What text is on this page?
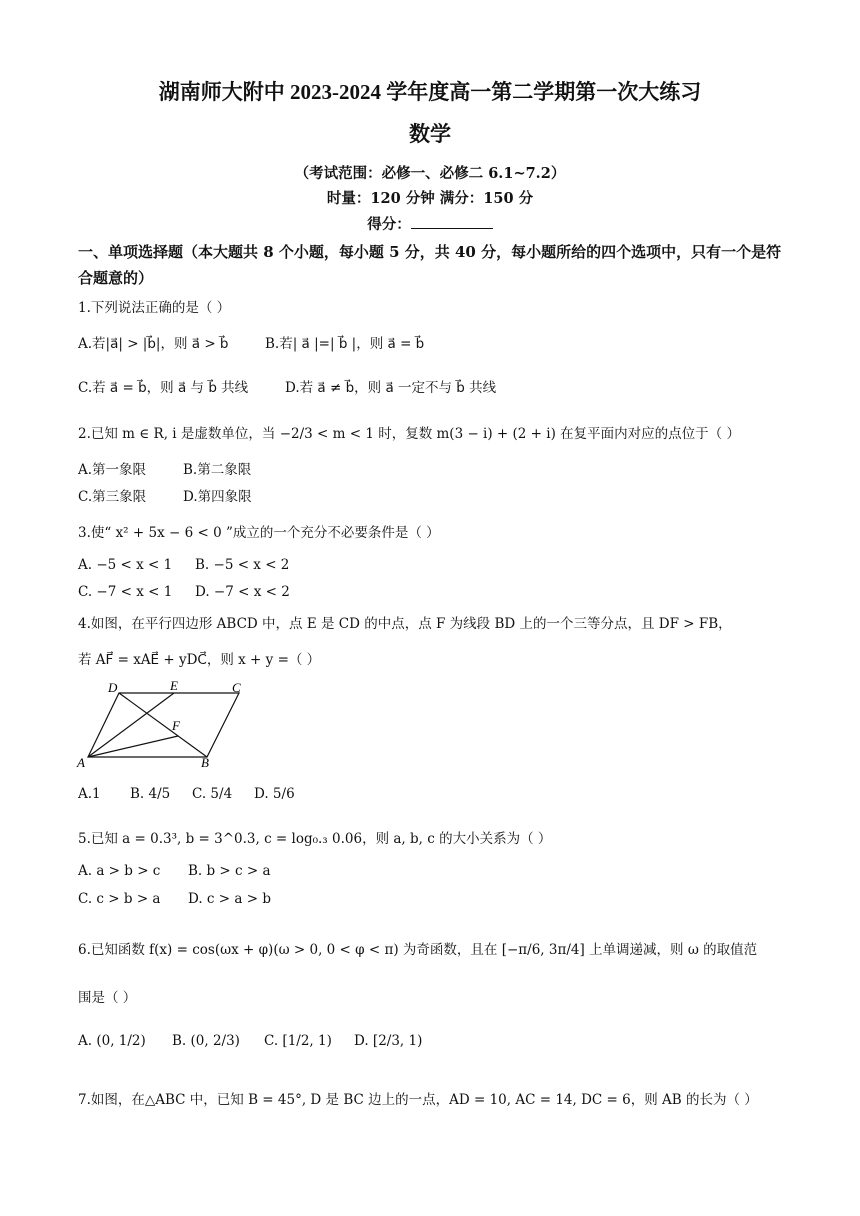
湖南师大附中 2023-2024 学年度高一第二学期第一次大练习
数学
（考试范围：必修一、必修二 6.1~7.2）
时量：120 分钟 满分：150 分
得分：
一、单项选择题（本大题共 8 个小题，每小题 5 分，共 40 分，每小题所给的四个选项中，只有一个是符合题意的）
1.下列说法正确的是（ ）
A.若|a⃗| > |b⃗|，则 a⃗ > b⃗	B.若| a⃗ |=| b⃗ |，则 a⃗ = b⃗
C.若 a⃗ = b⃗，则 a⃗ 与 b⃗ 共线	D.若 a⃗ ≠ b⃗，则 a⃗ 一定不与 b⃗ 共线
2.已知 m ∈ R, i 是虚数单位，当 −2/3 < m < 1 时，复数 m(3 − i) + (2 + i) 在复平面内对应的点位于（ ）
A.第一象限	B.第二象限
C.第三象限	D.第四象限
3.使“ x² + 5x − 6 < 0 ”成立的一个充分不必要条件是（ ）
A. −5 < x < 1 B. −5 < x < 2
C. −7 < x < 1 D. −7 < x < 2
4.如图，在平行四边形 ABCD 中，点 E 是 CD 的中点，点 F 为线段 BD 上的一个三等分点，且 DF > FB，
若 AF⃗ = xAE⃗ + yDC⃗，则 x + y =（ ）
D	E	C
F
A	B
A.1 B. 4/5 C. 5/4 D. 5/6
5.已知 a = 0.3³, b = 3^0.3, c = log₀.₃ 0.06，则 a, b, c 的大小关系为（ ）
A. a > b > c B. b > c > a
C. c > b > a D. c > a > b
6.已知函数 f(x) = cos(ωx + φ)(ω > 0, 0 < φ < π) 为奇函数，且在 [−π/6, 3π/4] 上单调递减，则 ω 的取值范
围是（ ）
A. (0, 1/2) B. (0, 2/3) C. [1/2, 1) D. [2/3, 1)
7.如图，在△ABC 中，已知 B = 45°, D 是 BC 边上的一点，AD = 10, AC = 14, DC = 6，则 AB 的长为（ ）
